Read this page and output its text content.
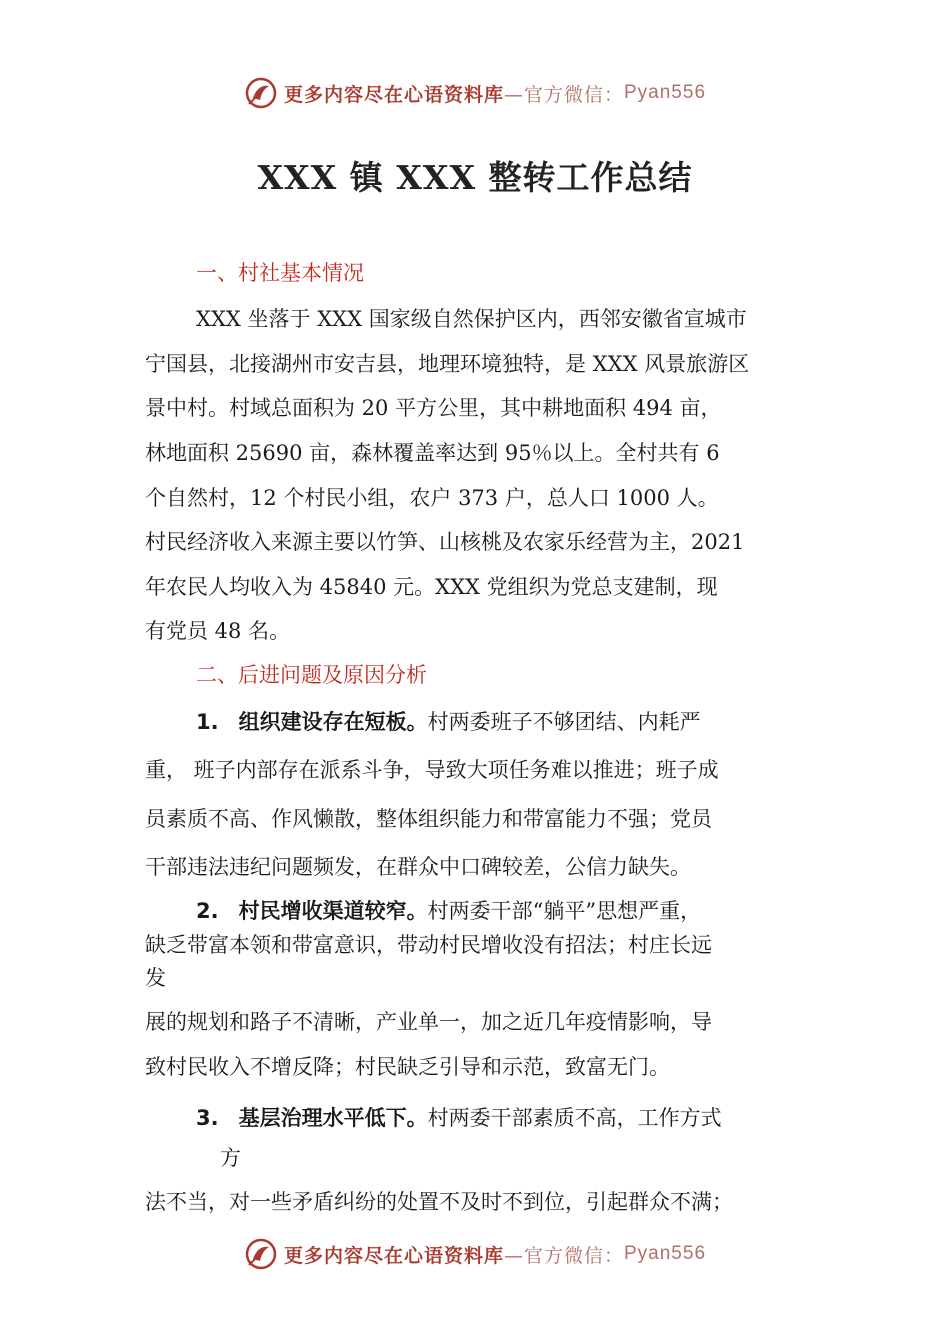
更多内容尽在心语资料库 —官方微信： Pyan556
XXX 镇 XXX 整转工作总结
一、村社基本情况
XXX 坐落于 XXX 国家级自然保护区内，西邻安徽省宣城市
宁国县，北接湖州市安吉县，地理环境独特，是 XXX 风景旅游区
景中村。村域总面积为 20 平方公里，其中耕地面积 494 亩，
林地面积 25690 亩，森林覆盖率达到 95％以上。全村共有 6
个自然村，12 个村民小组，农户 373 户，总人口 1000 人。
村民经济收入来源主要以竹笋、山核桃及农家乐经营为主，2021
年农民人均收入为 45840 元。XXX 党组织为党总支建制，现
有党员 48 名。
二、后进问题及原因分析
1. 组织建设存在短板。村两委班子不够团结、内耗严
重， 班子内部存在派系斗争，导致大项任务难以推进；班子成
员素质不高、作风懒散，整体组织能力和带富能力不强；党员
干部违法违纪问题频发，在群众中口碑较差，公信力缺失。
2. 村民增收渠道较窄。村两委干部“躺平”思想严重，
缺乏带富本领和带富意识，带动村民增收没有招法；村庄长远
发
展的规划和路子不清晰，产业单一，加之近几年疫情影响，导
致村民收入不增反降；村民缺乏引导和示范，致富无门。
3. 基层治理水平低下。村两委干部素质不高，工作方式
方
法不当，对一些矛盾纠纷的处置不及时不到位，引起群众不满；
更多内容尽在心语资料库 —官方微信： Pyan556
